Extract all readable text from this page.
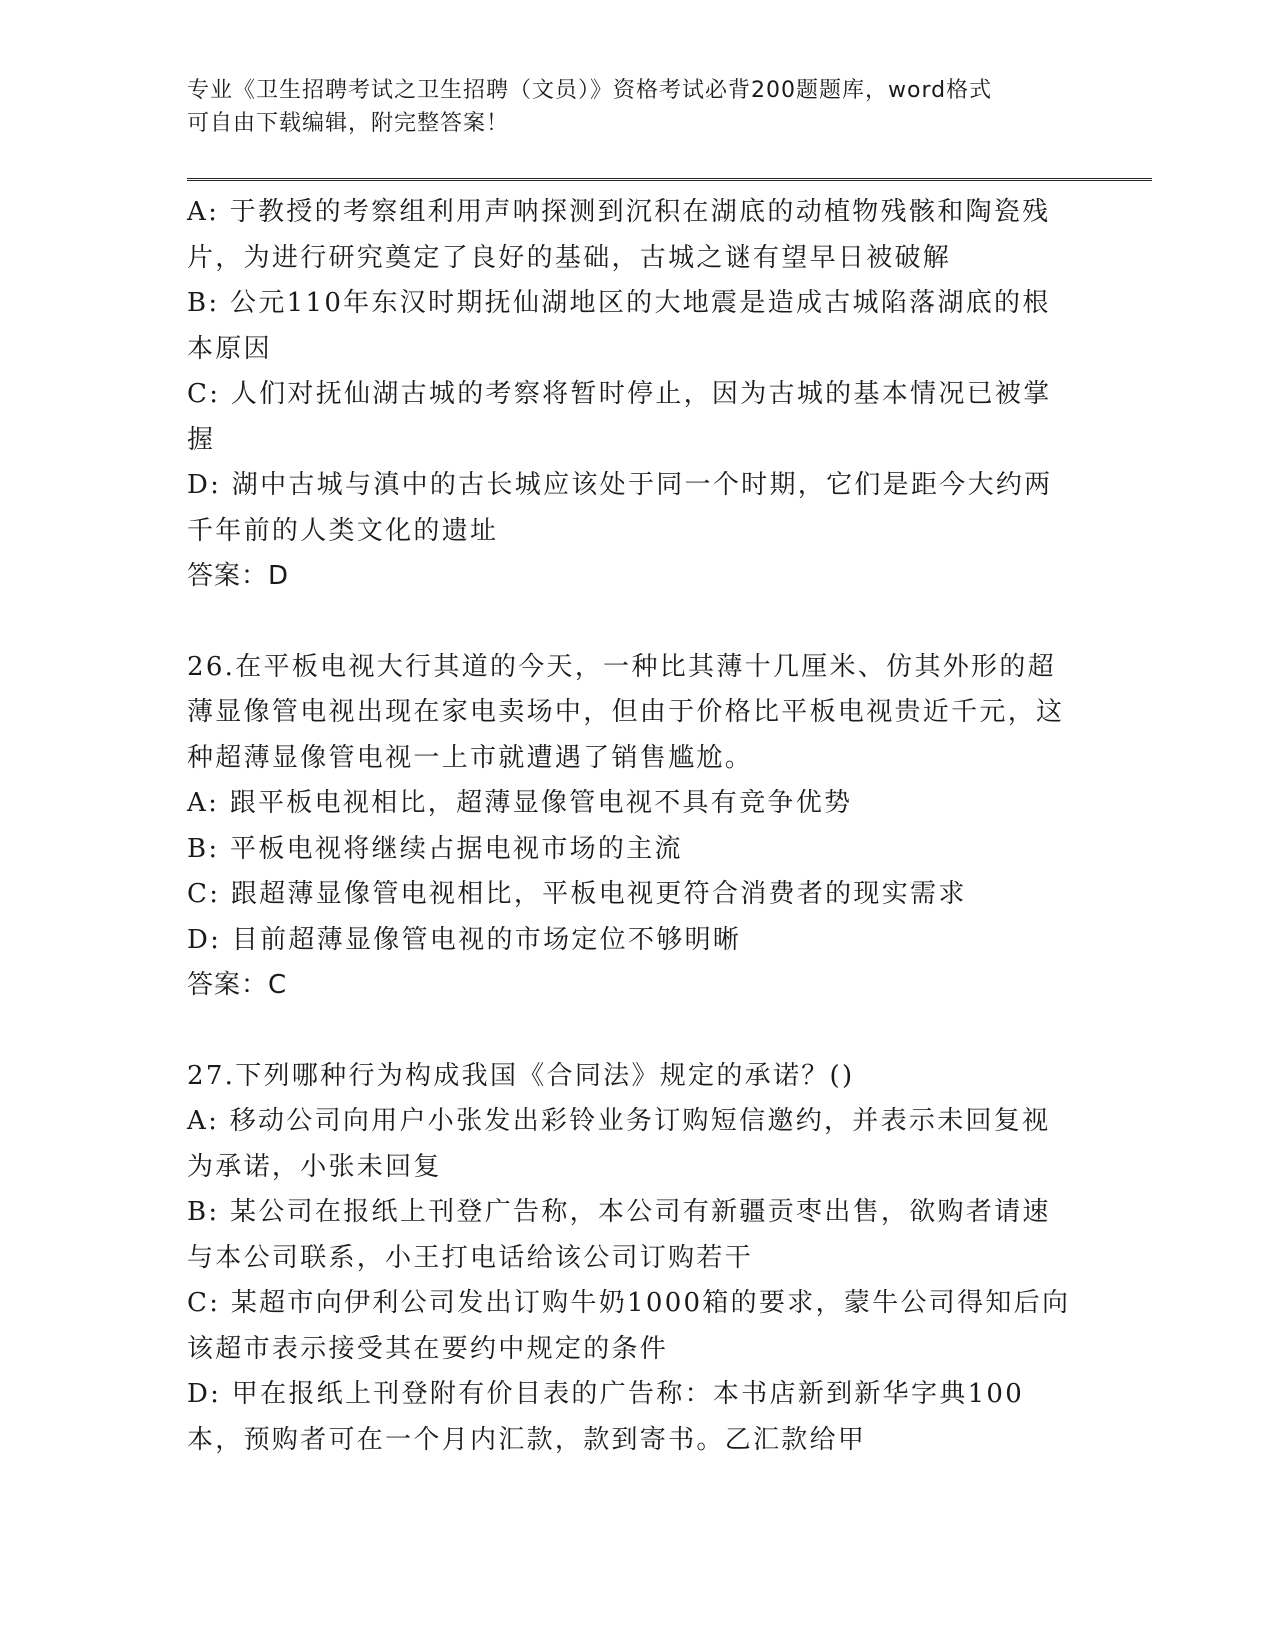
专业《卫生招聘考试之卫生招聘（文员）》资格考试必背200题题库，word格式
可自由下载编辑，附完整答案！

A: 于教授的考察组利用声呐探测到沉积在湖底的动植物残骸和陶瓷残片，为进行研究奠定了良好的基础，古城之谜有望早日被破解

B: 公元110年东汉时期抚仙湖地区的大地震是造成古城陷落湖底的根本原因

C: 人们对抚仙湖古城的考察将暂时停止，因为古城的基本情况已被掌握

D: 湖中古城与滇中的古长城应该处于同一个时期，它们是距今大约两千年前的人类文化的遗址

答案：D

26.在平板电视大行其道的今天，一种比其薄十几厘米、仿其外形的超薄显像管电视出现在家电卖场中，但由于价格比平板电视贵近千元，这种超薄显像管电视一上市就遭遇了销售尴尬。

A: 跟平板电视相比，超薄显像管电视不具有竞争优势

B: 平板电视将继续占据电视市场的主流

C: 跟超薄显像管电视相比，平板电视更符合消费者的现实需求

D: 目前超薄显像管电视的市场定位不够明晰

答案：C

27.下列哪种行为构成我国《合同法》规定的承诺？()

A: 移动公司向用户小张发出彩铃业务订购短信邀约，并表示未回复视为承诺，小张未回复

B: 某公司在报纸上刊登广告称，本公司有新疆贡枣出售，欲购者请速与本公司联系，小王打电话给该公司订购若干

C: 某超市向伊利公司发出订购牛奶1000箱的要求，蒙牛公司得知后向该超市表示接受其在要约中规定的条件

D: 甲在报纸上刊登附有价目表的广告称：本书店新到新华字典100本，预购者可在一个月内汇款，款到寄书。乙汇款给甲
